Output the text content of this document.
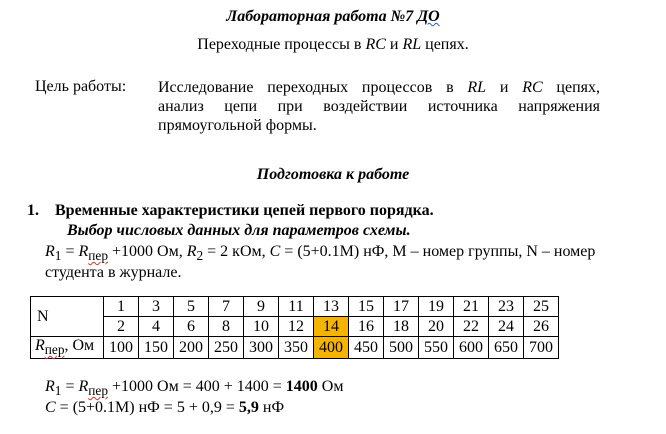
Лабораторная работа №7 ДО
Переходные процессы в RC и RL цепях.
Цель работы: Исследование переходных процессов в RL и RC цепях,
анализ цепи при воздействии источника напряжения
прямоугольной формы.
Подготовка к работе
1. Временные характеристики цепей первого порядка.
Выбор числовых данных для параметров схемы.
$R_1 = R_{пер} +1000$ Ом, $R_2 = 2$ кОм, C = (5+0.1M) нФ, M – номер группы, N – номер
студента в журнале.
N	1	3	5	7	9	11	13	15	17	19	21	23	25
	2	4	6	8	10	12	14	16	18	20	22	24	26
$R_{пер}$, Ом	100	150	200	250	300	350	400	450	500	550	600	650	700
$R_1 = R_{пер} +1000$ Ом = 400 + 1400 = 1400 Ом
C = (5+0.1M) нФ = 5 + 0,9 = 5,9 нФ
